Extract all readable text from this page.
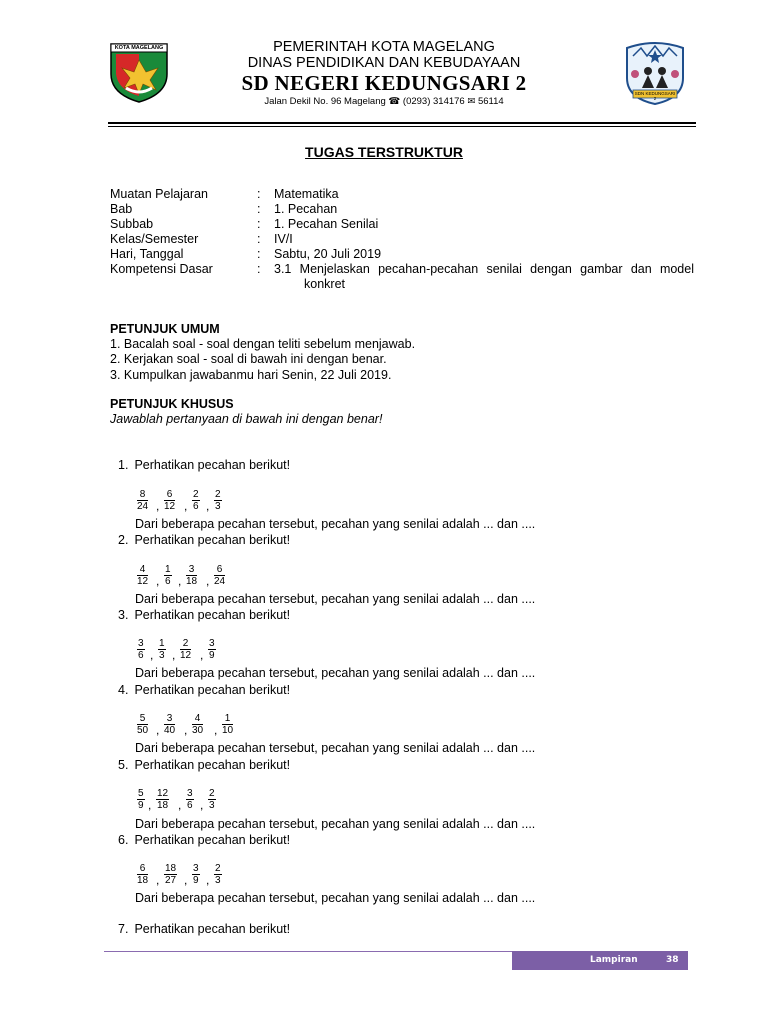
KOTA MAGELANG
SDN KEDUNGSARI 2
PEMERINTAH KOTA MAGELANG
DINAS PENDIDIKAN DAN KEBUDAYAAN
SD NEGERI KEDUNGSARI 2
Jalan Dekil No. 96 Magelang ☎ (0293) 314176 ✉ 56114
TUGAS TERSTRUKTUR
Muatan Pelajaran	: Matematika
Bab	: 1. Pecahan
Subbab	: 1. Pecahan Senilai
Kelas/Semester	: IV/I
Hari, Tanggal	: Sabtu, 20 Juli 2019
Kompetensi Dasar	: 3.1 Menjelaskan pecahan-pecahan senilai dengan gambar dan model
konkret
PETUNJUK UMUM
1. Bacalah soal - soal dengan teliti sebelum menjawab.
2. Kerjakan soal - soal di bawah ini dengan benar.
3. Kumpulkan jawabanmu hari Senin, 22 Juli 2019.
PETUNJUK KHUSUS
Jawablah pertanyaan di bawah ini dengan benar!
1. Perhatikan pecahan berikut!
$\frac{8}{24}$ , $\frac{6}{12}$ , $\frac{2}{6}$ , $\frac{2}{3}$
Dari beberapa pecahan tersebut, pecahan yang senilai adalah ... dan ....
2. Perhatikan pecahan berikut!
$\frac{4}{12}$ , $\frac{1}{6}$ , $\frac{3}{18}$ , $\frac{6}{24}$
Dari beberapa pecahan tersebut, pecahan yang senilai adalah ... dan ....
3. Perhatikan pecahan berikut!
$\frac{3}{6}$ , $\frac{1}{3}$ , $\frac{2}{12}$ , $\frac{3}{9}$
Dari beberapa pecahan tersebut, pecahan yang senilai adalah ... dan ....
4. Perhatikan pecahan berikut!
$\frac{5}{50}$ , $\frac{3}{40}$ , $\frac{4}{30}$ , $\frac{1}{10}$
Dari beberapa pecahan tersebut, pecahan yang senilai adalah ... dan ....
5. Perhatikan pecahan berikut!
$\frac{5}{9}$ , $\frac{12}{18}$ , $\frac{3}{6}$ , $\frac{2}{3}$
Dari beberapa pecahan tersebut, pecahan yang senilai adalah ... dan ....
6. Perhatikan pecahan berikut!
$\frac{6}{18}$ , $\frac{18}{27}$ , $\frac{3}{9}$ , $\frac{2}{3}$
Dari beberapa pecahan tersebut, pecahan yang senilai adalah ... dan ....
7. Perhatikan pecahan berikut!
Lampiran	38
